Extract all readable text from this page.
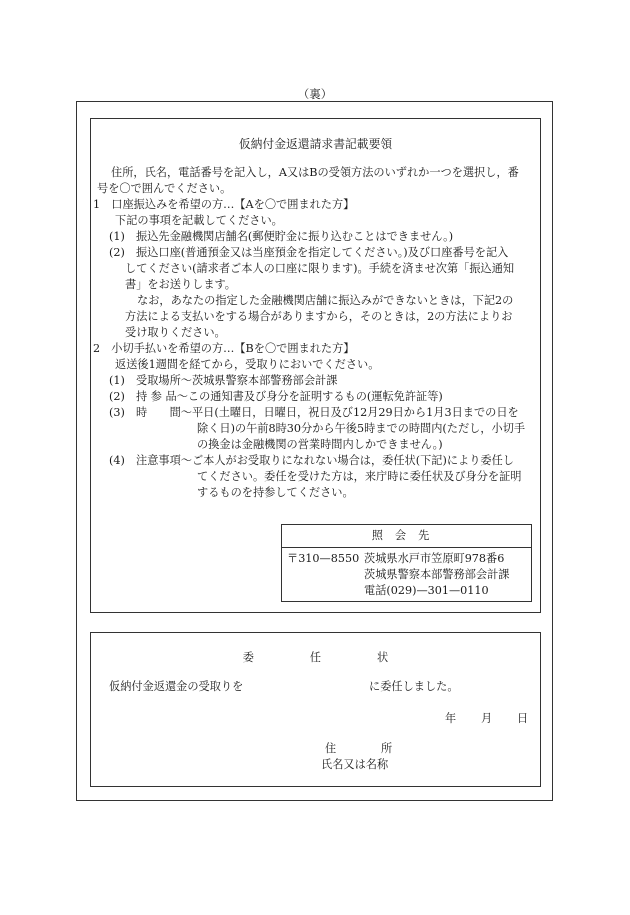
（裏）
仮納付金返還請求書記載要領
住所，氏名，電話番号を記入し，A又はBの受領方法のいずれか一つを選択し，番
号を〇で囲んでください。
1　口座振込みを希望の方…【Aを〇で囲まれた方】
下記の事項を記載してください。
(1)　振込先金融機関店舗名(郵便貯金に振り込むことはできません。)
(2)　振込口座(普通預金又は当座預金を指定してください。)及び口座番号を記入
してください(請求者ご本人の口座に限ります)。手続を済ませ次第「振込通知
書」をお送りします。
なお，あなたの指定した金融機関店舗に振込みができないときは，下記2の
方法による支払いをする場合がありますから，そのときは，2の方法によりお
受け取りください。
2　小切手払いを希望の方…【Bを〇で囲まれた方】
返送後1週間を経てから，受取りにおいでください。
(1)　受取場所～茨城県警察本部警務部会計課
(2)　持 参 品～この通知書及び身分を証明するもの(運転免許証等)
(3)　時　　間～平日(土曜日，日曜日，祝日及び12月29日から1月3日までの日を
除く日)の午前8時30分から午後5時までの時間内(ただし，小切手
の換金は金融機関の営業時間内しかできません。)
(4)　注意事項～ご本人がお受取りになれない場合は，委任状(下記)により委任し
てください。委任を受けた方は，来庁時に委任状及び身分を証明
するものを持参してください。
照会先
〒310—8550 茨城県水戸市笠原町978番6
茨城県警察本部警務部会計課
電話(029)—301—0110
委　　　　　任　　　　　状
仮納付金返還金の受取りを	に委任しました。
年 月 日
住　　　　所
氏名又は名称
